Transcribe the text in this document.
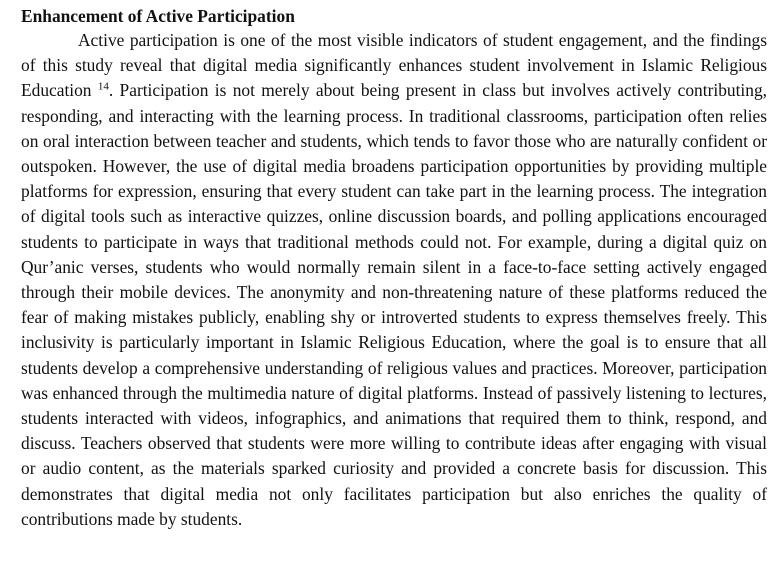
Enhancement of Active Participation

Active participation is one of the most visible indicators of student engagement, and the findings of this study reveal that digital media significantly enhances student involvement in Islamic Religious Education $^{14}$. Participation is not merely about being present in class but involves actively contributing, responding, and interacting with the learning process. In traditional classrooms, participation often relies on oral interaction between teacher and students, which tends to favor those who are naturally confident or outspoken. However, the use of digital media broadens participation opportunities by providing multiple platforms for expression, ensuring that every student can take part in the learning process. The integration of digital tools such as interactive quizzes, online discussion boards, and polling applications encouraged students to participate in ways that traditional methods could not. For example, during a digital quiz on Qur’anic verses, students who would normally remain silent in a face-to-face setting actively engaged through their mobile devices. The anonymity and non-threatening nature of these platforms reduced the fear of making mistakes publicly, enabling shy or introverted students to express themselves freely. This inclusivity is particularly important in Islamic Religious Education, where the goal is to ensure that all students develop a comprehensive understanding of religious values and practices. Moreover, participation was enhanced through the multimedia nature of digital platforms. Instead of passively listening to lectures, students interacted with videos, infographics, and animations that required them to think, respond, and discuss. Teachers observed that students were more willing to contribute ideas after engaging with visual or audio content, as the materials sparked curiosity and provided a concrete basis for discussion. This demonstrates that digital media not only facilitates participation but also enriches the quality of contributions made by students.
